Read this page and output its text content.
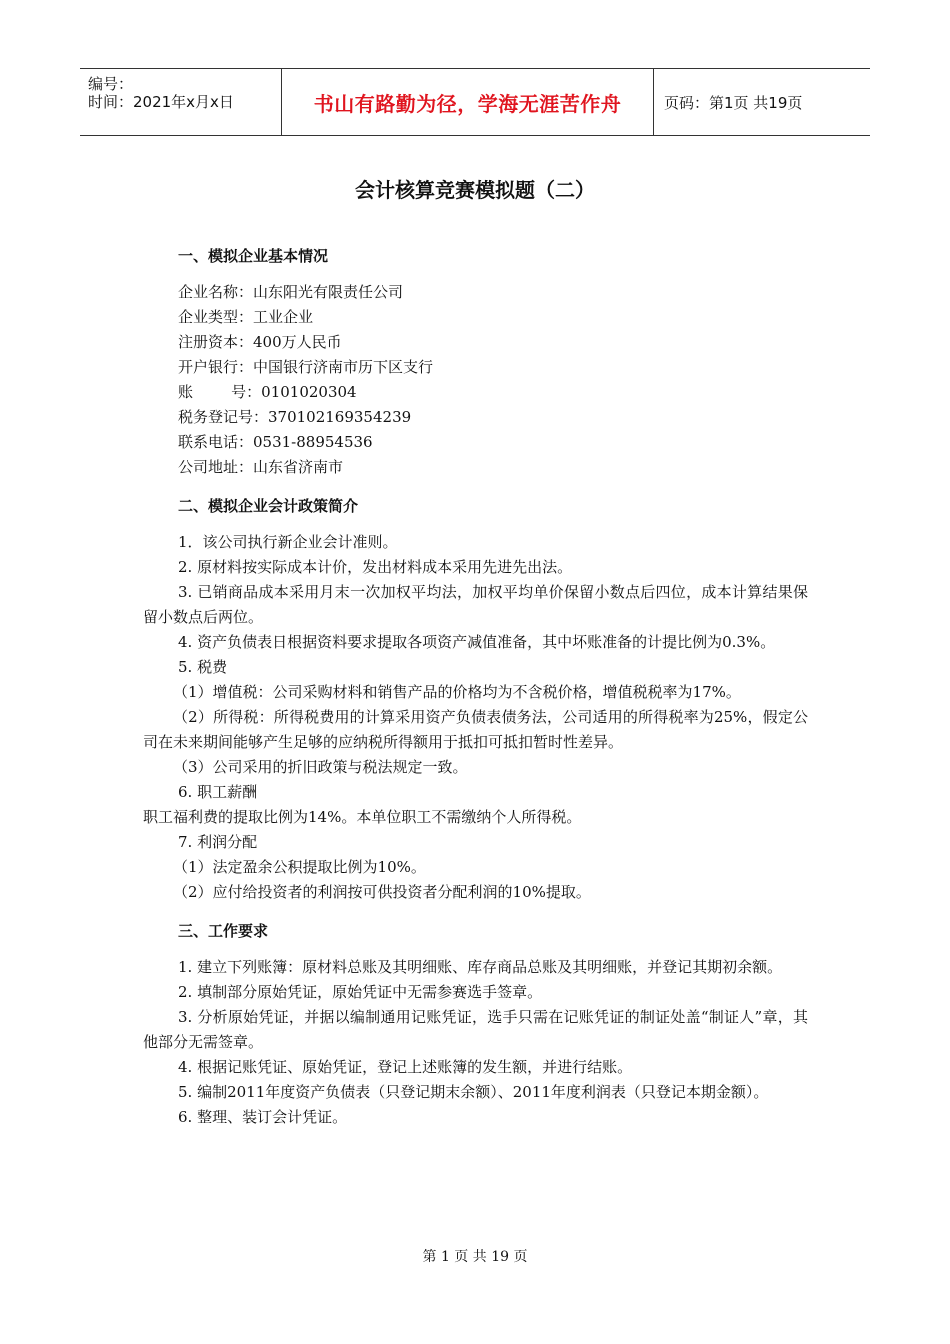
编号：
时间：2021年x月x日	书山有路勤为径，学海无涯苦作舟	页码：第1页 共19页
会计核算竞赛模拟题（二）
一、模拟企业基本情况
企业名称：山东阳光有限责任公司
企业类型：工业企业
注册资本：400万人民币
开户银行：中国银行济南市历下区支行
账        号：0101020304
税务登记号：370102169354239
联系电话：0531-88954536
公司地址：山东省济南市
二、模拟企业会计政策简介
1．该公司执行新企业会计准则。
2. 原材料按实际成本计价，发出材料成本采用先进先出法。
3. 已销商品成本采用月末一次加权平均法，加权平均单价保留小数点后四位，成本计算结果保留小数点后两位。
4. 资产负债表日根据资料要求提取各项资产减值准备，其中坏账准备的计提比例为0.3%。
5. 税费
（1）增值税：公司采购材料和销售产品的价格均为不含税价格，增值税税率为17%。
（2）所得税：所得税费用的计算采用资产负债表债务法，公司适用的所得税率为25%，假定公司在未来期间能够产生足够的应纳税所得额用于抵扣可抵扣暂时性差异。
（3）公司采用的折旧政策与税法规定一致。
6. 职工薪酬
职工福利费的提取比例为14%。本单位职工不需缴纳个人所得税。
7. 利润分配
（1）法定盈余公积提取比例为10%。
（2）应付给投资者的利润按可供投资者分配利润的10%提取。
三、工作要求
1. 建立下列账簿：原材料总账及其明细账、库存商品总账及其明细账，并登记其期初余额。
2. 填制部分原始凭证，原始凭证中无需参赛选手签章。
3. 分析原始凭证，并据以编制通用记账凭证，选手只需在记账凭证的制证处盖“制证人”章，其他部分无需签章。
4. 根据记账凭证、原始凭证，登记上述账簿的发生额，并进行结账。
5. 编制2011年度资产负债表（只登记期末余额）、2011年度利润表（只登记本期金额）。
6. 整理、装订会计凭证。
第 1 页 共 19 页
